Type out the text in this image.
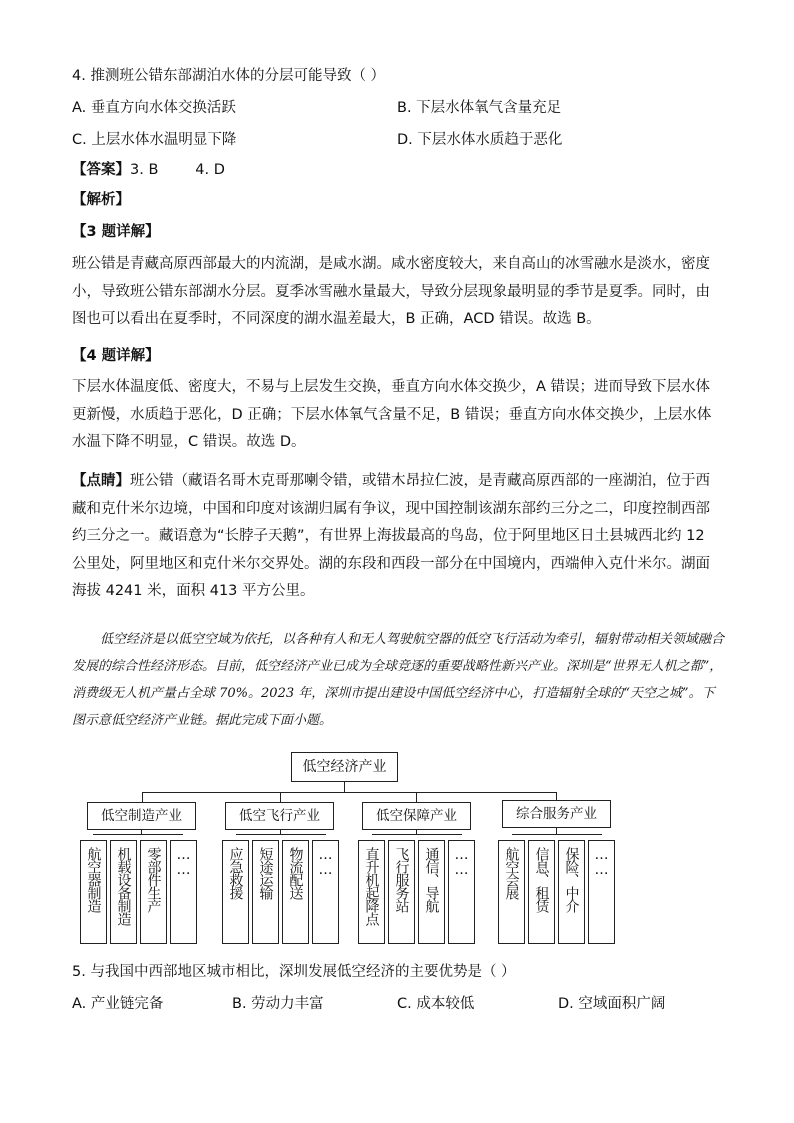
4. 推测班公错东部湖泊水体的分层可能导致（ ）
A. 垂直方向水体交换活跃	B. 下层水体氧气含量充足
C. 上层水体水温明显下降	D. 下层水体水质趋于恶化
【答案】3. B        4. D
【解析】
【3 题详解】
班公错是青藏高原西部最大的内流湖，是咸水湖。咸水密度较大，来自高山的冰雪融水是淡水，密度小，导致班公错东部湖水分层。夏季冰雪融水量最大，导致分层现象最明显的季节是夏季。同时，由图也可以看出在夏季时，不同深度的湖水温差最大，B 正确，ACD 错误。故选 B。
【4 题详解】
下层水体温度低、密度大，不易与上层发生交换，垂直方向水体交换少，A 错误；进而导致下层水体更新慢，水质趋于恶化，D 正确；下层水体氧气含量不足，B 错误；垂直方向水体交换少，上层水体水温下降不明显，C 错误。故选 D。
【点睛】班公错（藏语名哥木克哥那喇令错，或错木昂拉仁波，是青藏高原西部的一座湖泊，位于西藏和克什米尔边境，中国和印度对该湖归属有争议，现中国控制该湖东部约三分之二，印度控制西部约三分之一。藏语意为“长脖子天鹅”，有世界上海拔最高的鸟岛，位于阿里地区日土县城西北约 12 公里处，阿里地区和克什米尔交界处。湖的东段和西段一部分在中国境内，西端伸入克什米尔。湖面海拔 4241 米，面积 413 平方公里。
低空经济是以低空空域为依托，以各种有人和无人驾驶航空器的低空飞行活动为牵引，辐射带动相关领域融合发展的综合性经济形态。目前，低空经济产业已成为全球竞逐的重要战略性新兴产业。深圳是“世界无人机之都”，消费级无人机产量占全球 70%。2023 年，深圳市提出建设中国低空经济中心，打造辐射全球的“天空之城”。下图示意低空经济产业链。据此完成下面小题。
低空经济产业
低空制造产业
航空器制造	机载设备制造	零部件生产	……
低空飞行产业
应急救援	短途运输	物流配送	……
低空保障产业
直升机起降点	飞行服务站	通信、导航	……
综合服务产业
航空会展	信息、租赁	保险、中介	……
5. 与我国中西部地区城市相比，深圳发展低空经济的主要优势是（ ）
A. 产业链完备	B. 劳动力丰富	C. 成本较低	D. 空域面积广阔
